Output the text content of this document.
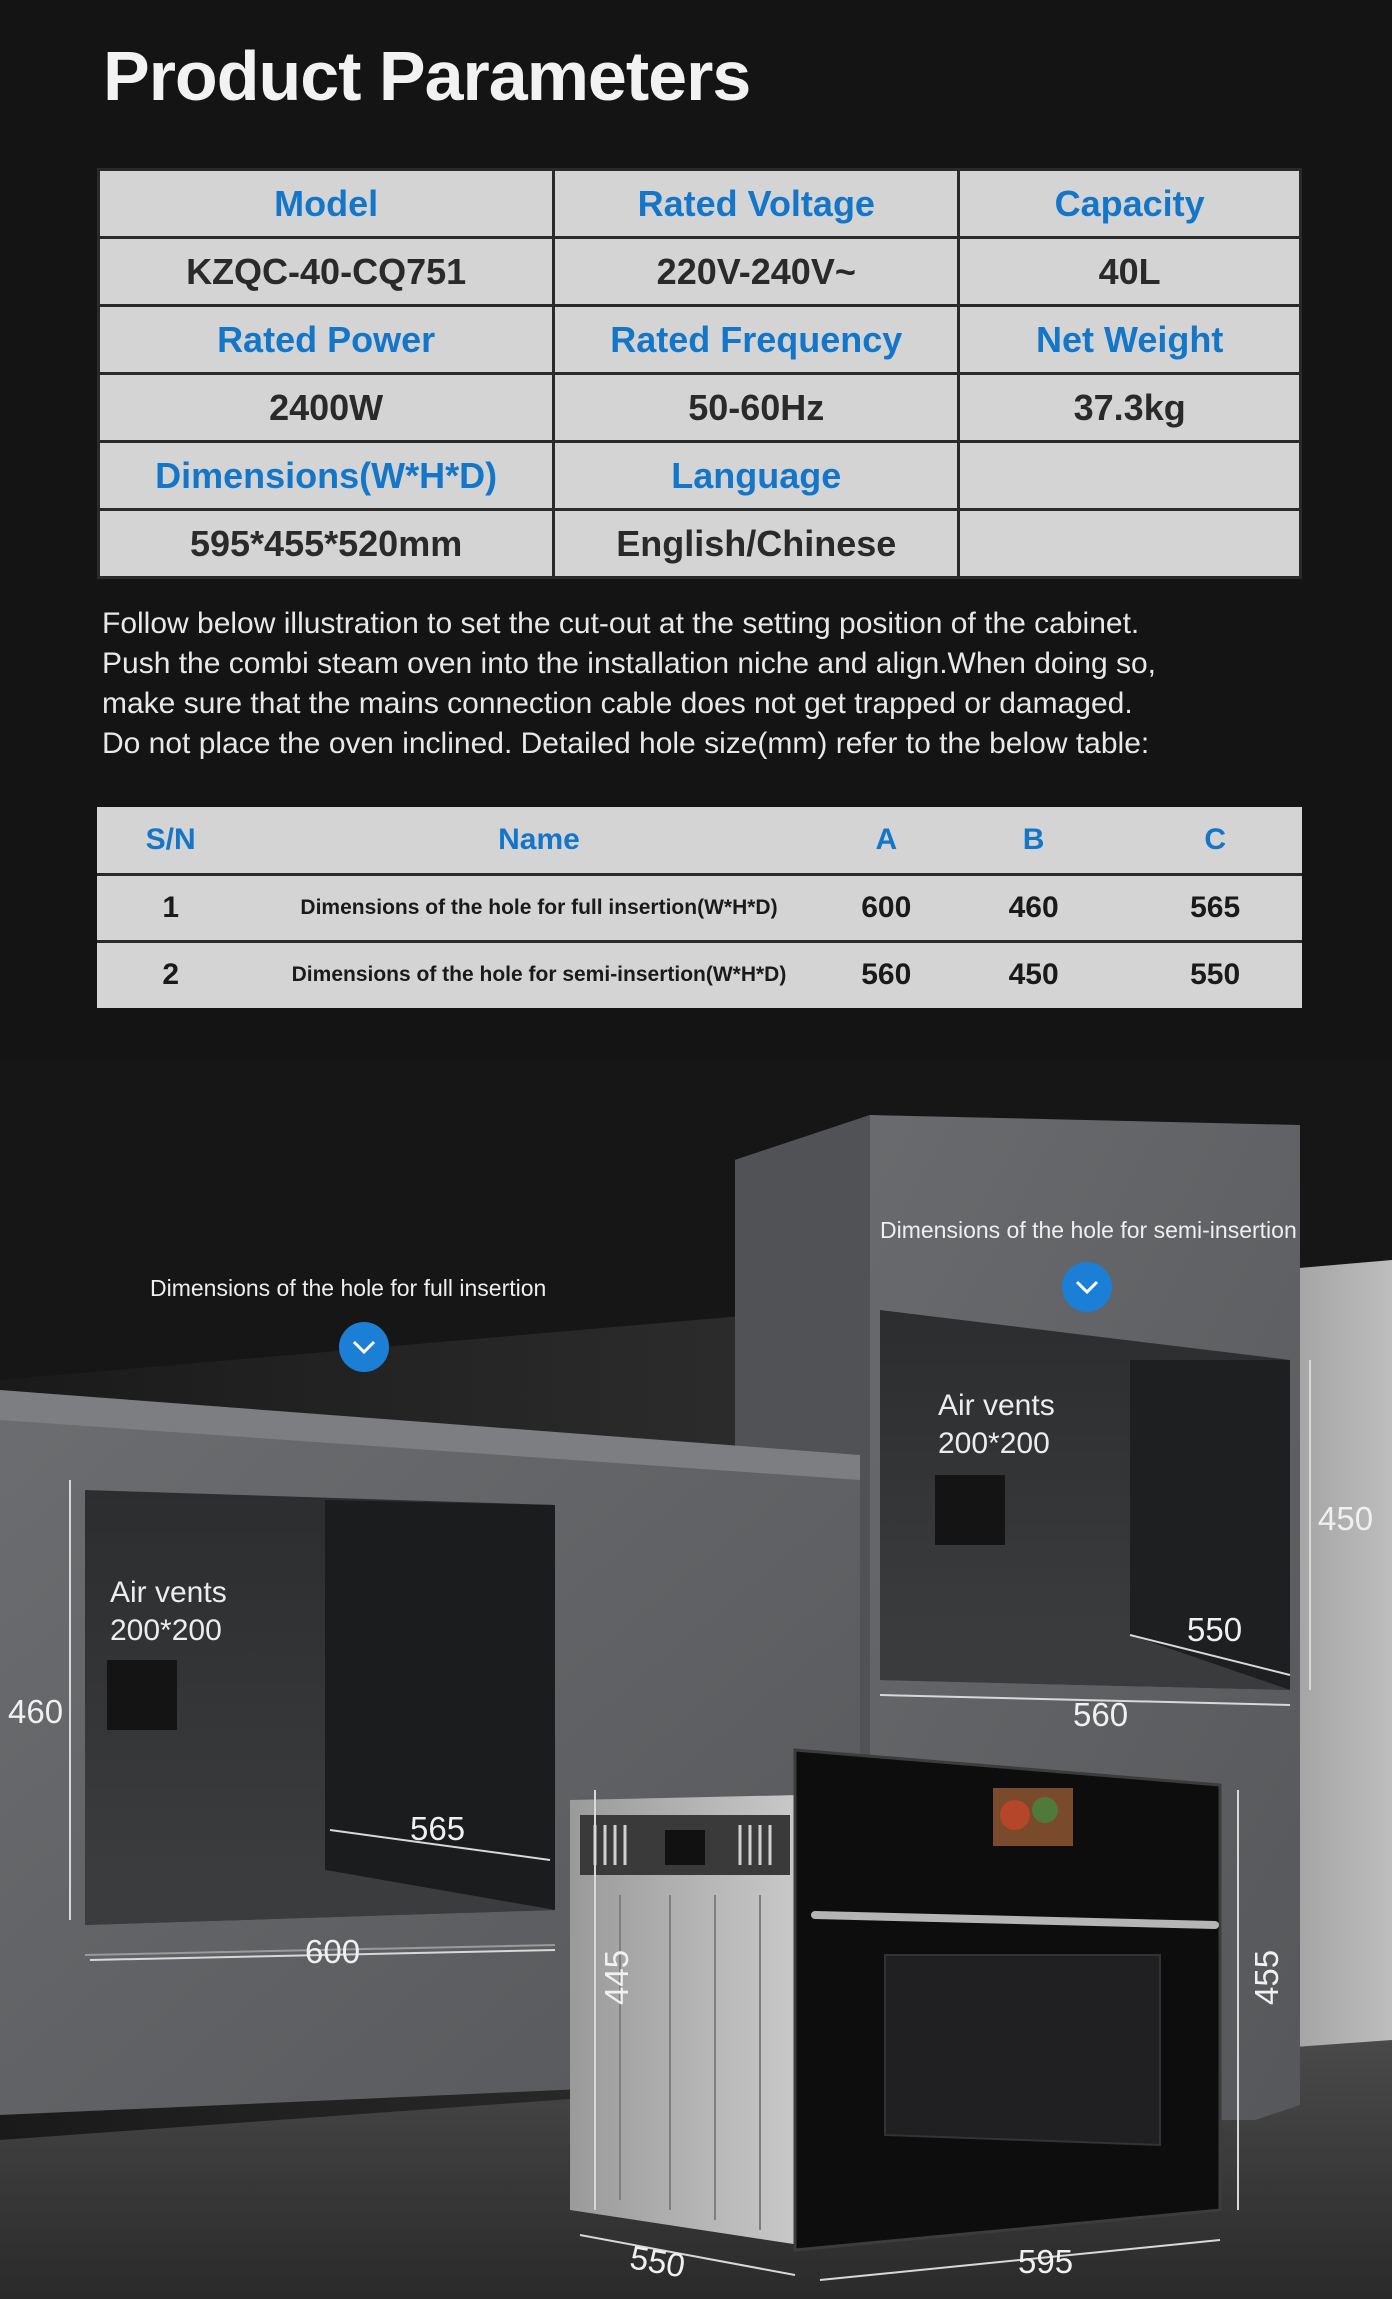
Product Parameters
Model	Rated Voltage	Capacity
KZQC-40-CQ751	220V-240V~	40L
Rated Power	Rated Frequency	Net Weight
2400W	50-60Hz	37.3kg
Dimensions(W*H*D)	Language	
595*455*520mm	English/Chinese	

Follow below illustration to set the cut-out at the setting position of the cabinet.

Push the combi steam oven into the installation niche and align.When doing so,

make sure that the mains connection cable does not get trapped or damaged.

Do not place the oven inclined. Detailed hole size(mm) refer to the below table:

S/N	Name	A	B	C
1	Dimensions of the hole for full insertion(W*H*D)	600	460	565
2	Dimensions of the hole for semi-insertion(W*H*D)	560	450	550
Dimensions of the hole for full insertion
Dimensions of the hole for semi-insertion
Air vents
200*200
Air vents
200*200
460
565
600
450
550
560
445	455
550	595
